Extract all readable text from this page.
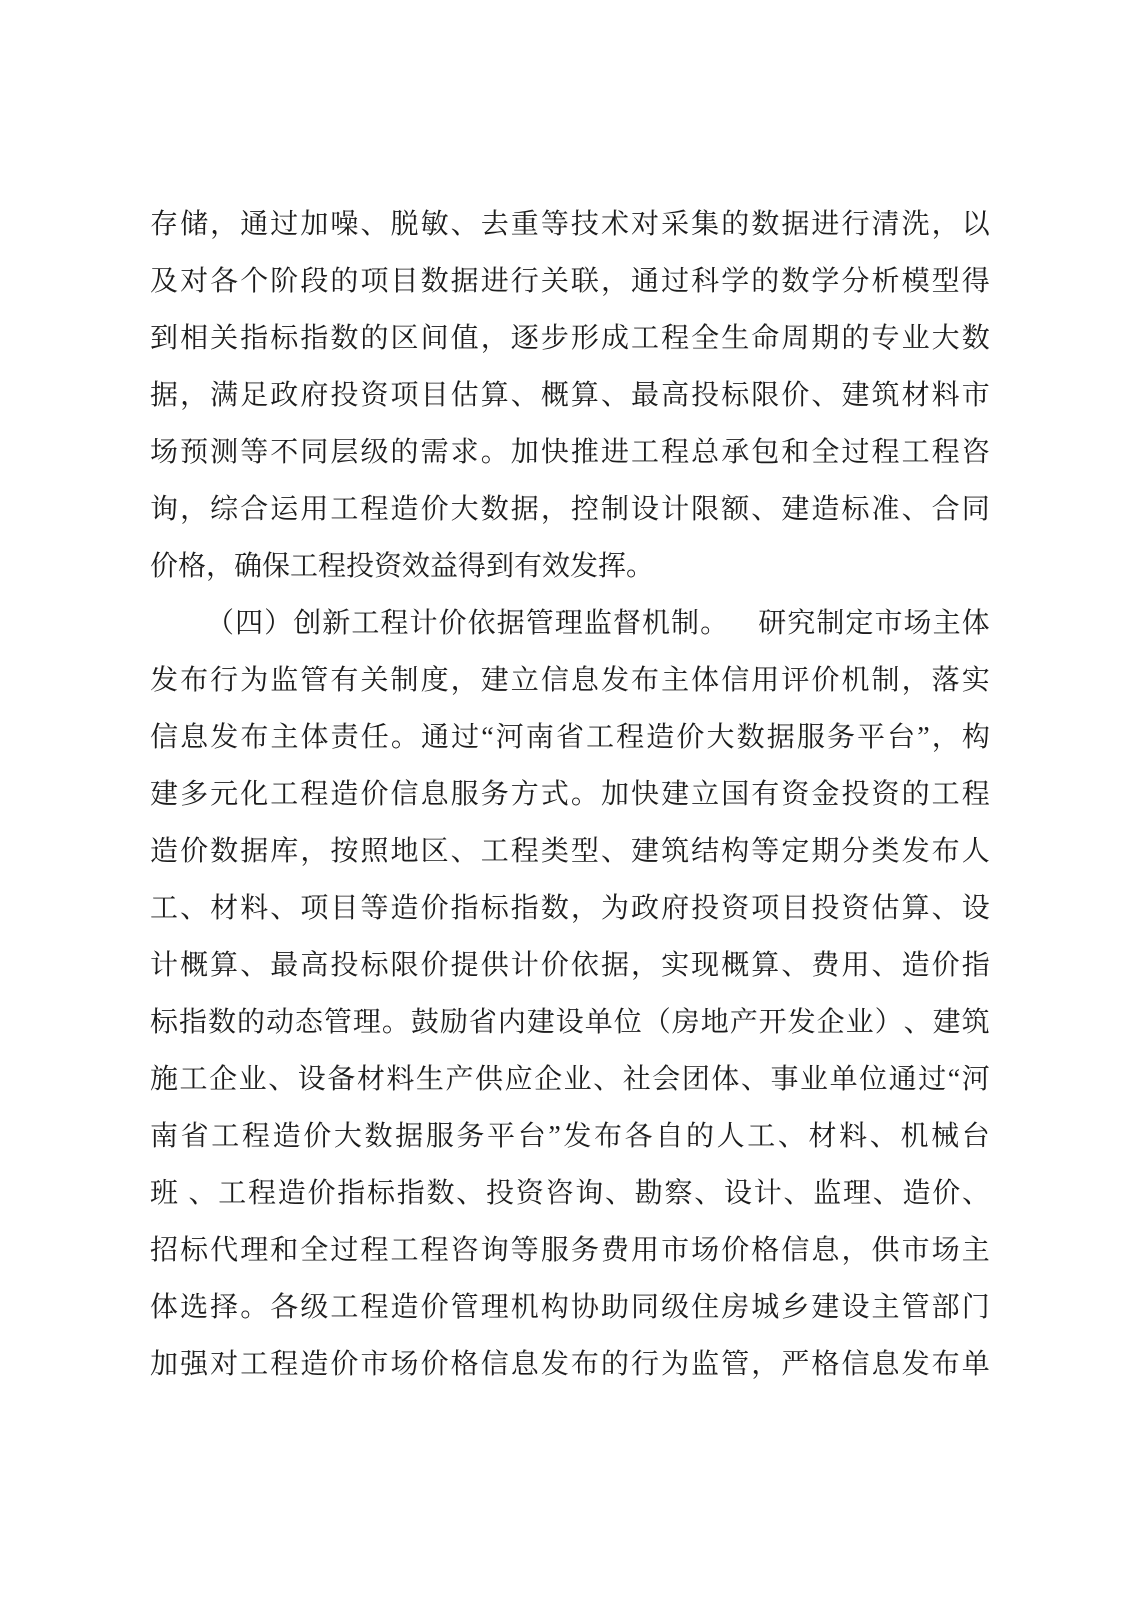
存 储 ， 通 过 加 噪 、 脱 敏 、 去 重 等 技 术 对 采 集 的 数 据 进 行 清 洗 ， 以
及 对 各 个 阶 段 的 项 目 数 据 进 行 关 联 ， 通 过 科 学 的 数 学 分 析 模 型 得
到 相 关 指 标 指 数 的 区 间 值 ， 逐 步 形 成 工 程 全 生 命 周 期 的 专 业 大 数
据 ， 满 足 政 府 投 资 项 目 估 算 、 概 算 、 最 高 投 标 限 价 、 建 筑 材 料 市
场 预 测 等 不 同 层 级 的 需 求 。 加 快 推 进 工 程 总 承 包 和 全 过 程 工 程 咨
询 ， 综 合 运 用 工 程 造 价 大 数 据 ， 控 制 设 计 限 额 、 建 造 标 准 、 合 同
价格，确保工程投资效益得到有效发挥。
（ 四 ） 创 新 工 程 计 价 依 据 管 理 监 督 机 制 。
　 研 究 制 定 市 场 主 体
发 布 行 为 监 管 有 关 制 度 ， 建 立 信 息 发 布 主 体 信 用 评 价 机 制 ， 落 实
信 息 发 布 主 体 责 任 。 通 过 “ 河 南 省 工 程 造 价 大 数 据 服 务 平 台 ” ， 构
建 多 元 化 工 程 造 价 信 息 服 务 方 式 。 加 快 建 立 国 有 资 金 投 资 的 工 程
造 价 数 据 库 ， 按 照 地 区 、 工 程 类 型 、 建 筑 结 构 等 定 期 分 类 发 布 人
工 、 材 料 、 项 目 等 造 价 指 标 指 数 ， 为 政 府 投 资 项 目 投 资 估 算 、 设
计 概 算 、 最 高 投 标 限 价 提 供 计 价 依 据 ， 实 现 概 算 、 费 用 、 造 价 指
标 指 数 的 动 态 管 理 。 鼓 励 省 内 建 设 单 位 （ 房 地 产 开 发 企 业 ） 、 建 筑
施 工 企 业 、 设 备 材 料 生 产 供 应 企 业 、 社 会 团 体 、 事 业 单 位 通 过 “ 河
南 省 工 程 造 价 大 数 据 服 务 平 台 ” 发 布 各 自 的 人 工 、 材 料 、 机 械 台
班
、 工 程 造 价 指 标 指 数 、 投 资 咨 询 、 勘 察 、 设 计 、 监 理 、 造 价 、
招 标 代 理 和 全 过 程 工 程 咨 询 等 服 务 费 用 市 场 价 格 信 息 ， 供 市 场 主
体 选 择 。 各 级 工 程 造 价 管 理 机 构 协 助 同 级 住 房 城 乡 建 设 主 管 部 门
加 强 对 工 程 造 价 市 场 价 格 信 息 发 布 的 行 为 监 管 ， 严 格 信 息 发 布 单
